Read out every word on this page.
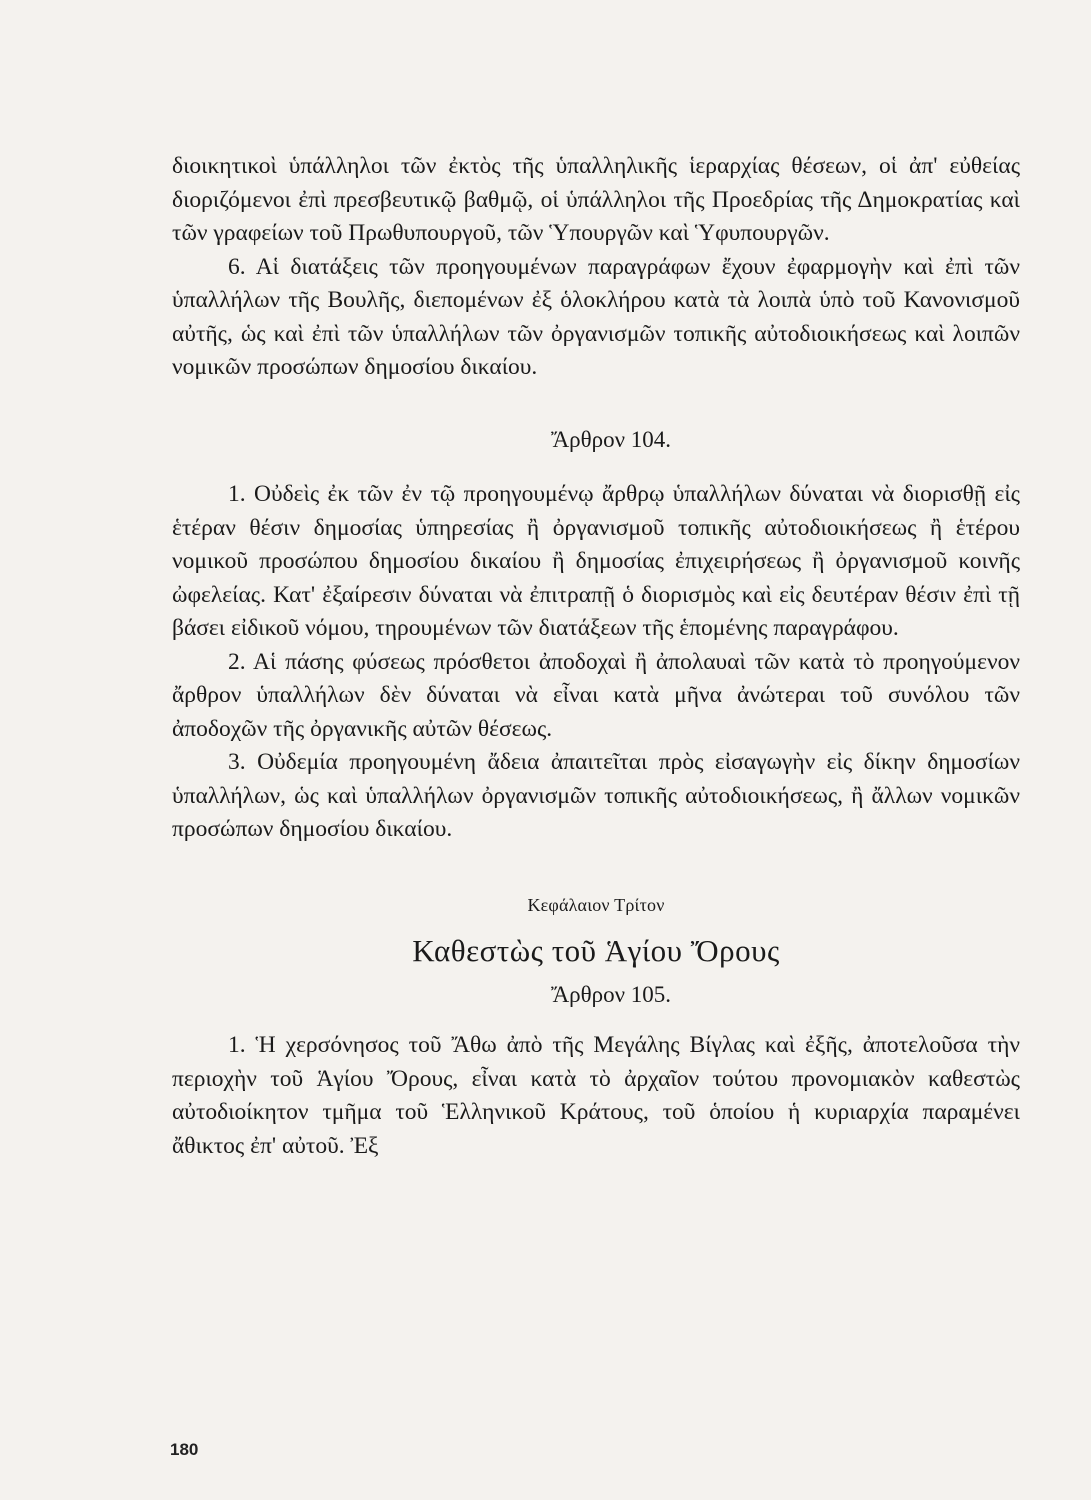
διοικητικοὶ ὑπάλληλοι τῶν ἐκτὸς τῆς ὑπαλληλικῆς ἱεραρχίας θέσεων, οἱ ἀπ' εὐθείας διοριζόμενοι ἐπὶ πρεσβευτικῷ βαθμῷ, οἱ ὑπάλληλοι τῆς Προεδρίας τῆς Δημοκρατίας καὶ τῶν γραφείων τοῦ Πρωθυπουργοῦ, τῶν Ὑπουργῶν καὶ Ὑφυπουργῶν.

6. Αἱ διατάξεις τῶν προηγουμένων παραγράφων ἔχουν ἐφαρμογὴν καὶ ἐπὶ τῶν ὑπαλλήλων τῆς Βουλῆς, διεπομένων ἐξ ὁλοκλήρου κατὰ τὰ λοιπὰ ὑπὸ τοῦ Κανονισμοῦ αὐτῆς, ὡς καὶ ἐπὶ τῶν ὑπαλλήλων τῶν ὀργανισμῶν τοπικῆς αὐτοδιοικήσεως καὶ λοιπῶν νομικῶν προσώπων δημοσίου δικαίου.

Ἄρθρον 104.

1. Οὐδεὶς ἐκ τῶν ἐν τῷ προηγουμένῳ ἄρθρῳ ὑπαλλήλων δύναται νὰ διορισθῇ εἰς ἑτέραν θέσιν δημοσίας ὑπηρεσίας ἢ ὀργανισμοῦ τοπικῆς αὐτοδιοικήσεως ἢ ἑτέρου νομικοῦ προσώπου δημοσίου δικαίου ἢ δημοσίας ἐπιχειρήσεως ἢ ὀργανισμοῦ κοινῆς ὠφελείας. Κατ' ἐξαίρεσιν δύναται νὰ ἐπιτραπῇ ὁ διορισμὸς καὶ εἰς δευτέραν θέσιν ἐπὶ τῇ βάσει εἰδικοῦ νόμου, τηρουμένων τῶν διατάξεων τῆς ἑπομένης παραγράφου.

2. Αἱ πάσης φύσεως πρόσθετοι ἀποδοχαὶ ἢ ἀπολαυαὶ τῶν κατὰ τὸ προηγούμενον ἄρθρον ὑπαλλήλων δὲν δύναται νὰ εἶναι κατὰ μῆνα ἀνώτεραι τοῦ συνόλου τῶν ἀποδοχῶν τῆς ὀργανικῆς αὐτῶν θέσεως.

3. Οὐδεμία προηγουμένη ἄδεια ἀπαιτεῖται πρὸς εἰσαγωγὴν εἰς δίκην δημοσίων ὑπαλλήλων, ὡς καὶ ὑπαλλήλων ὀργανισμῶν τοπικῆς αὐτοδιοικήσεως, ἢ ἄλλων νομικῶν προσώπων δημοσίου δικαίου.

Κεφάλαιον Τρίτον
Καθεστὼς τοῦ Ἁγίου Ὄρους
Ἄρθρον 105.

1. Ἡ χερσόνησος τοῦ Ἄθω ἀπὸ τῆς Μεγάλης Βίγλας καὶ ἐξῆς, ἀποτελοῦσα τὴν περιοχὴν τοῦ Ἁγίου Ὄρους, εἶναι κατὰ τὸ ἀρχαῖον τούτου προνομιακὸν καθεστὼς αὐτοδιοίκητον τμῆμα τοῦ Ἑλληνικοῦ Κράτους, τοῦ ὁποίου ἡ κυριαρχία παραμένει ἄθικτος ἐπ' αὐτοῦ. Ἐξ

180
